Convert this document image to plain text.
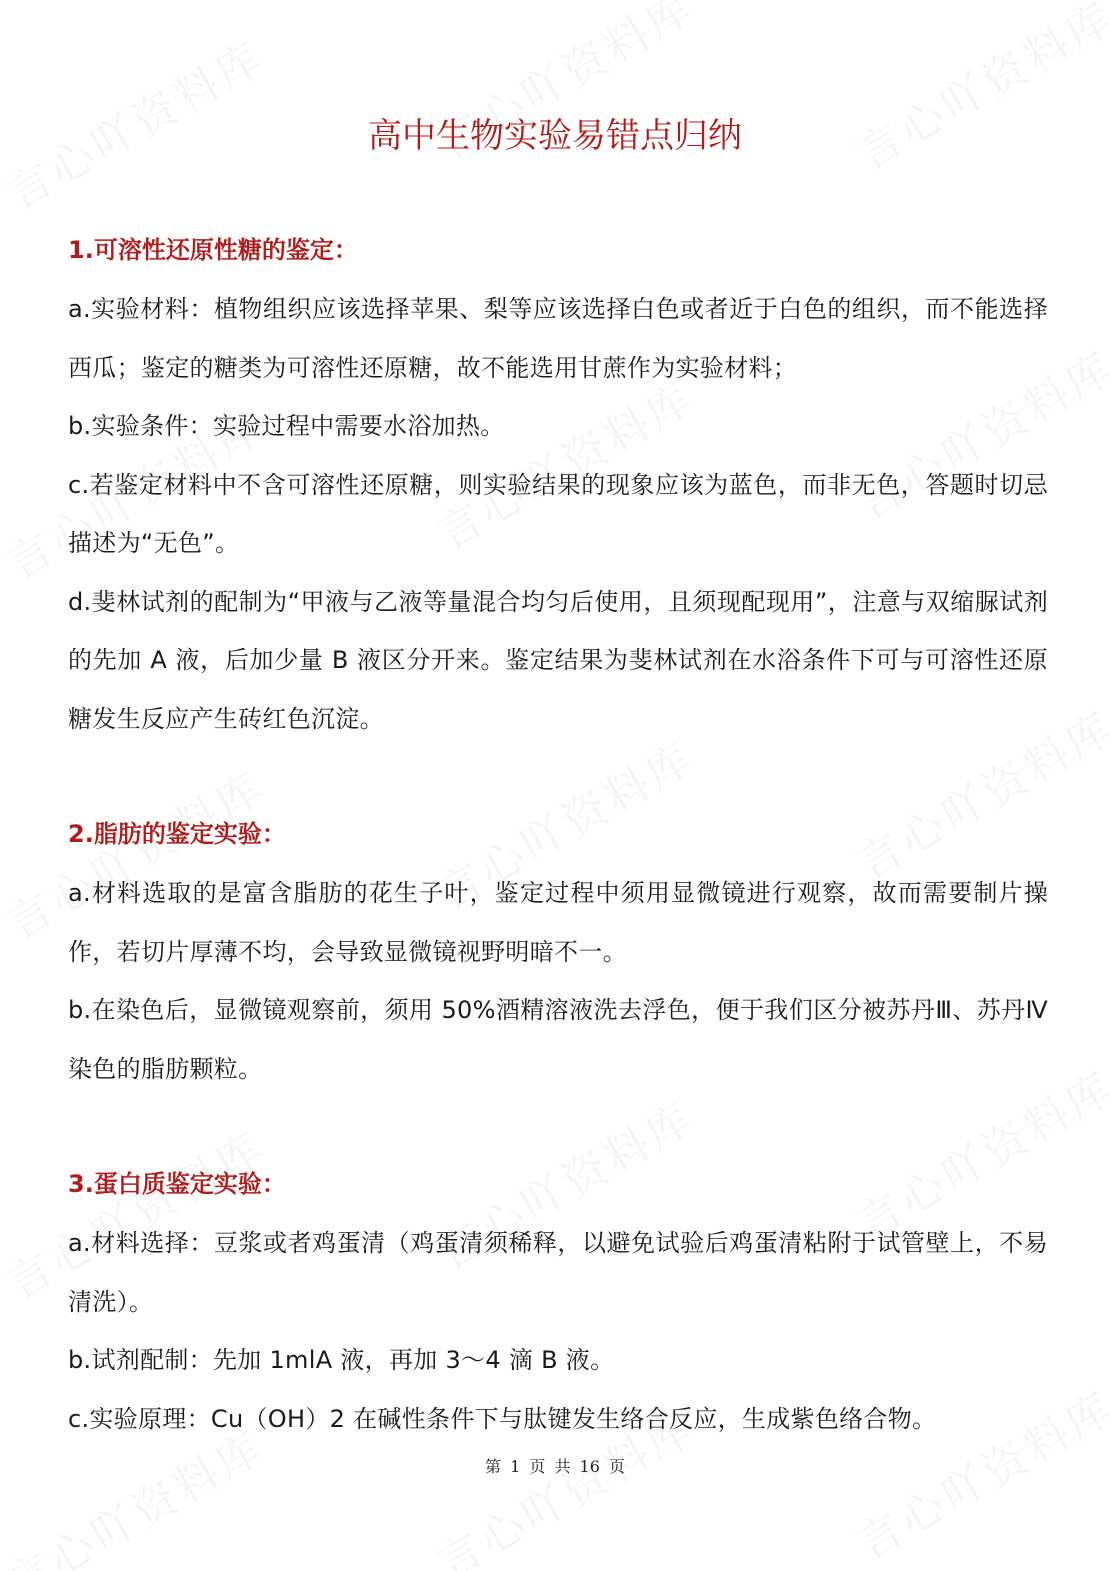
高中生物实验易错点归纳
1.可溶性还原性糖的鉴定：

a.实验材料：植物组织应该选择苹果、梨等应该选择白色或者近于白色的组织，而不能选择西瓜；鉴定的糖类为可溶性还原糖，故不能选用甘蔗作为实验材料；

b.实验条件：实验过程中需要水浴加热。

c.若鉴定材料中不含可溶性还原糖，则实验结果的现象应该为蓝色，而非无色，答题时切忌描述为“无色”。

d.斐林试剂的配制为“甲液与乙液等量混合均匀后使用，且须现配现用”，注意与双缩脲试剂的先加 A 液，后加少量 B 液区分开来。鉴定结果为斐林试剂在水浴条件下可与可溶性还原糖发生反应产生砖红色沉淀。

2.脂肪的鉴定实验：

a.材料选取的是富含脂肪的花生子叶，鉴定过程中须用显微镜进行观察，故而需要制片操作，若切片厚薄不均，会导致显微镜视野明暗不一。

b.在染色后，显微镜观察前，须用 50%酒精溶液洗去浮色，便于我们区分被苏丹Ⅲ、苏丹Ⅳ染色的脂肪颗粒。

3.蛋白质鉴定实验：

a.材料选择：豆浆或者鸡蛋清（鸡蛋清须稀释，以避免试验后鸡蛋清粘附于试管壁上，不易清洗）。

b.试剂配制：先加 1mlA 液，再加 3～4 滴 B 液。

c.实验原理：Cu（OH）2 在碱性条件下与肽键发生络合反应，生成紫色络合物。

第 1 页 共 16 页
